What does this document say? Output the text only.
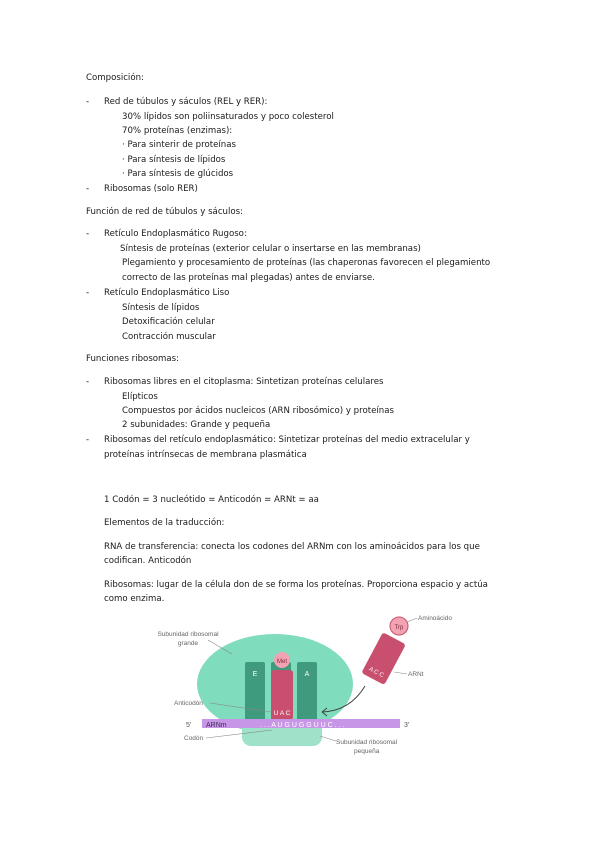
Composición:
- Red de túbulos y sáculos (REL y RER):
30% lípidos son poliinsaturados y poco colesterol
70% proteínas (enzimas):
· Para sinterir de proteínas
· Para síntesis de lípidos
· Para síntesis de glúcidos
- Ribosomas (solo RER)
Función de red de túbulos y sáculos:
- Retículo Endoplasmático Rugoso:
Síntesis de proteínas (exterior celular o insertarse en las membranas)
Plegamiento y procesamiento de proteínas (las chaperonas favorecen el plegamiento
correcto de las proteínas mal plegadas) antes de enviarse.
- Retículo Endoplasmático Liso
Síntesis de lípidos
Detoxificación celular
Contracción muscular
Funciones ribosomas:
- Ribosomas libres en el citoplasma: Sintetizan proteínas celulares
Elípticos
Compuestos por ácidos nucleicos (ARN ribosómico) y proteínas
2 subunidades: Grande y pequeña
- Ribosomas del retículo endoplasmático: Sintetizar proteínas del medio extracelular y
proteínas intrínsecas de membrana plasmática
1 Codón = 3 nucleótido = Anticodón = ARNt = aa
Elementos de la traducción:
RNA de transferencia: conecta los codones del ARNm con los aminoácidos para los que
codifican. Anticodón
Ribosomas: lugar de la célula don de se forma los proteínas. Proporciona espacio y actúa
como enzima.
E	A
Met
U A C
A C C
Trp
5'	3'
ARNm	. . . A U G U G G U U C . . .
Subunidad ribosomal
grande
Aminoácido
ARNt
Anticodón
Codón
Subunidad ribosomal
pequeña
